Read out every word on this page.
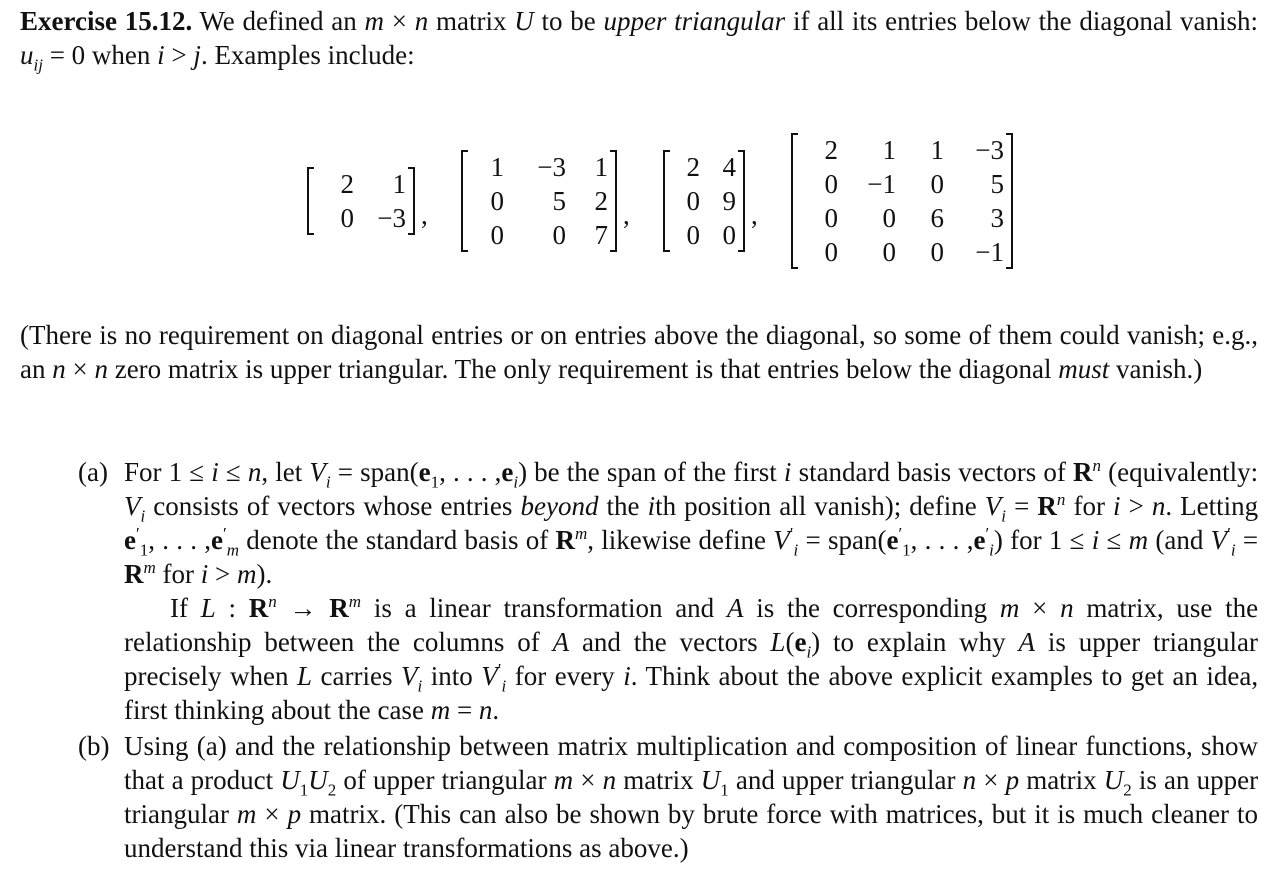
Exercise 15.12. We defined an m × n matrix U to be upper triangular if all its entries below the diagonal vanish: $u_{ij} = 0$ when i > j. Examples include:

2	1
0 −3 ,
1	−3	1
0	5	2
0	0	7
,
2 4
0 9
0 0
,
2	1	1	−3
0	−1	0	5
0	0	6	3
0	0	0	−1

(There is no requirement on diagonal entries or on entries above the diagonal, so some of them could vanish; e.g., an n × n zero matrix is upper triangular. The only requirement is that entries below the diagonal must vanish.)

(a) For 1 ≤ i ≤ n, let $V_i$ = $span(e_1$, . . . $,e_i$) be the span of the first i standard basis vectors of $R^n$ (equivalently: $V_i$ consists of vectors whose entries beyond the ith position all vanish); define $V_i = R^n$ for i > n. Letting $e'_1$, . . . $,e'_m$ denote the standard basis of $R^m$, likewise define $V'_i$ = $span(e'_1$, . . . $,e'_i$) for 1 ≤ i ≤ m (and $V'_i = R^m$ for i > m).
If L : $R^n \to R^m$ is a linear transformation and A is the corresponding m × n matrix, use the relationship between the columns of A and the vectors $L(e_i)$ to explain why A is upper triangular precisely when L carries $V_i$ into $V'_i$ for every i. Think about the above explicit examples to get an idea, first thinking about the case m = n.
(b) Using (a) and the relationship between matrix multiplication and composition of linear functions, show that a product $U_1U_2$ of upper triangular m × n matrix $U_1$ and upper triangular n × p matrix $U_2$ is an upper triangular m × p matrix. (This can also be shown by brute force with matrices, but it is much cleaner to understand this via linear transformations as above.)
